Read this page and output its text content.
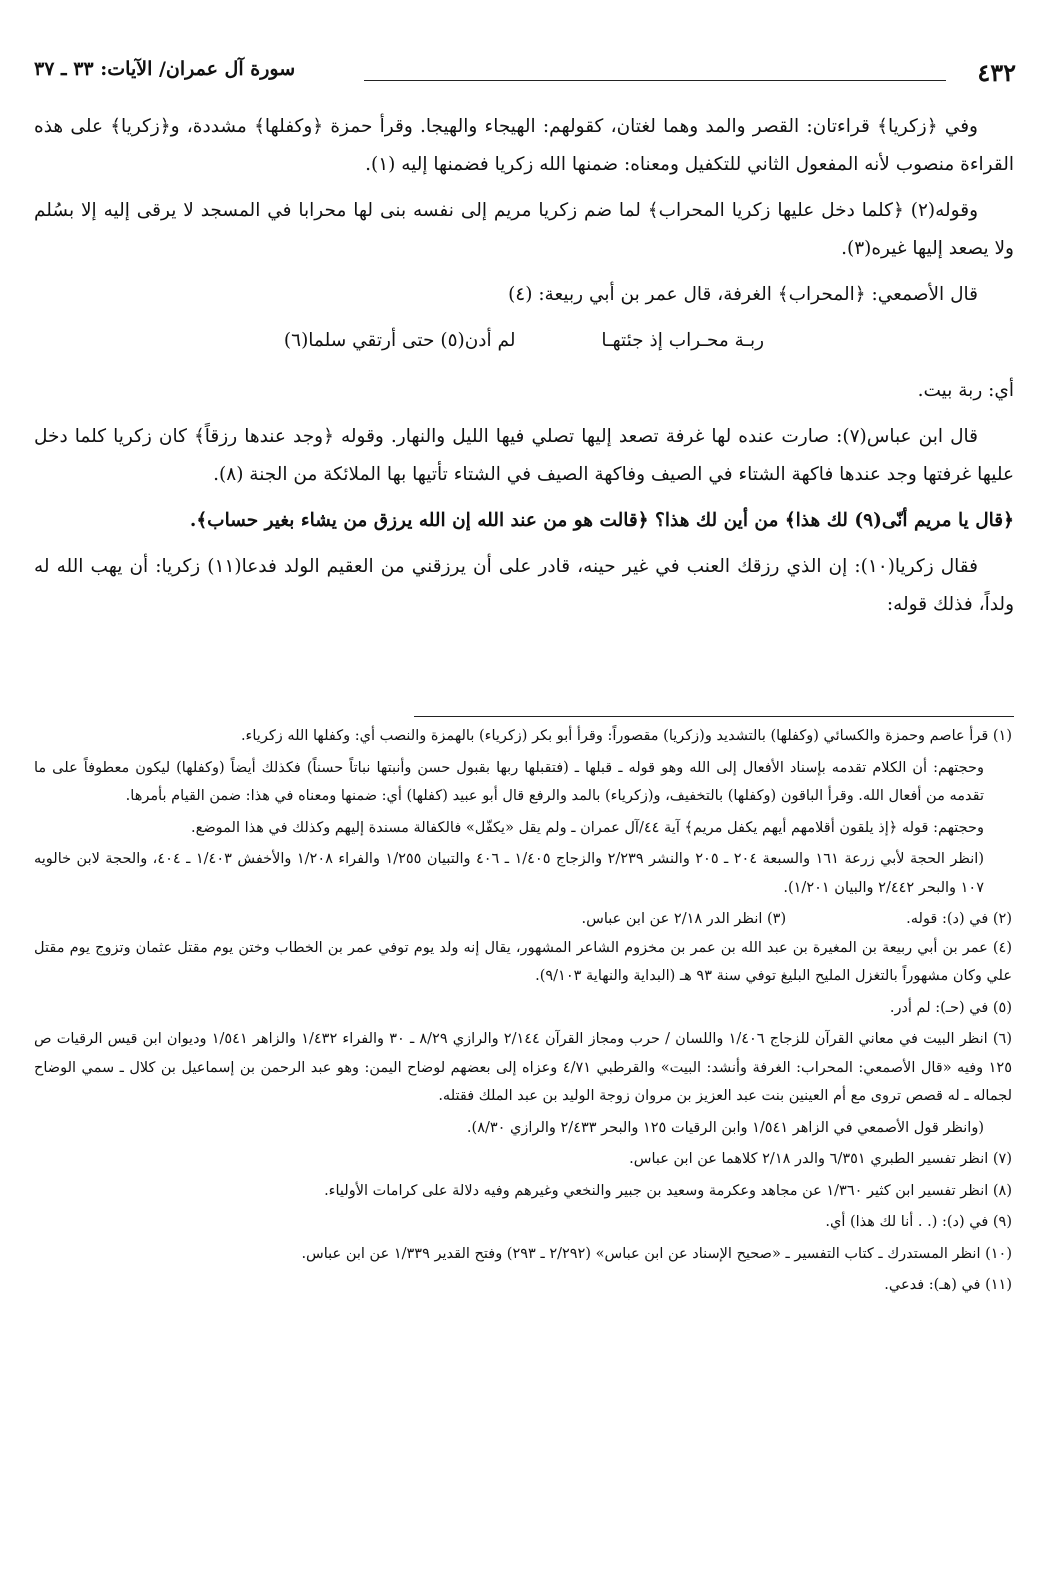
٤٣٢
سورة آل عمران/ الآيات: ٣٣ ـ ٣٧

وفي ﴿زكريا﴾ قراءتان: القصر والمد وهما لغتان، كقولهم: الهيجاء والهيجا. وقرأ حمزة ﴿وكفلها﴾ مشددة، و﴿زكريا﴾ على هذه القراءة منصوب لأنه المفعول الثاني للتكفيل ومعناه: ضمنها الله زكريا فضمنها إليه (١).

وقوله(٢) ﴿كلما دخل عليها زكريا المحراب﴾ لما ضم زكريا مريم إلى نفسه بنى لها محرابا في المسجد لا يرقى إليه إلا بسُلم ولا يصعد إليها غيره(٣).

قال الأصمعي: ﴿المحراب﴾ الغرفة، قال عمر بن أبي ربيعة: (٤)

ربـة محـراب إذ جئتهـا لم أدن(٥) حتى أرتقي سلما(٦)

أي: ربة بيت.

قال ابن عباس(٧): صارت عنده لها غرفة تصعد إليها تصلي فيها الليل والنهار. وقوله ﴿وجد عندها رزقاً﴾ كان زكريا كلما دخل عليها غرفتها وجد عندها فاكهة الشتاء في الصيف وفاكهة الصيف في الشتاء تأتيها بها الملائكة من الجنة (٨).

﴿قال يا مريم أنّى(٩) لك هذا﴾ من أين لك هذا؟ ﴿قالت هو من عند الله إن الله يرزق من يشاء بغير حساب﴾.

فقال زكريا(١٠): إن الذي رزقك العنب في غير حينه، قادر على أن يرزقني من العقيم الولد فدعا(١١) زكريا: أن يهب الله له ولداً، فذلك قوله:

(١) قرأ عاصم وحمزة والكسائي (وكفلها) بالتشديد و(زكريا) مقصوراً: وقرأ أبو بكر (زكرياء) بالهمزة والنصب أي: وكفلها الله زكرياء.

وحجتهم: أن الكلام تقدمه بإسناد الأفعال إلى الله وهو قوله ـ قبلها ـ (فتقبلها ربها بقبول حسن وأنبتها نباتاً حسناً) فكذلك أيضاً (وكفلها) ليكون معطوفاً على ما تقدمه من أفعال الله. وقرأ الباقون (وكفلها) بالتخفيف، و(زكرياء) بالمد والرفع قال أبو عبيد (كفلها) أي: ضمنها ومعناه في هذا: ضمن القيام بأمرها.

وحجتهم: قوله ﴿إذ يلقون أقلامهم أيهم يكفل مريم﴾ آية ٤٤/آل عمران ـ ولم يقل «يكفّل» فالكفالة مسندة إليهم وكذلك في هذا الموضع.

(انظر الحجة لأبي زرعة ١٦١ والسبعة ٢٠٤ ـ ٢٠٥ والنشر ٢/٢٣٩ والزجاج ١/٤٠٥ ـ ٤٠٦ والتبيان ١/٢٥٥ والفراء ١/٢٠٨ والأخفش ١/٤٠٣ ـ ٤٠٤، والحجة لابن خالويه ١٠٧ والبحر ٢/٤٤٢ والبيان ١/٢٠١).

(٢) في (د): قوله.
(٣) انظر الدر ٢/١٨ عن ابن عباس.

(٤) عمر بن أبي ربيعة بن المغيرة بن عبد الله بن عمر بن مخزوم الشاعر المشهور، يقال إنه ولد يوم توفي عمر بن الخطاب وختن يوم مقتل عثمان وتزوج يوم مقتل علي وكان مشهوراً بالتغزل المليح البليغ توفي سنة ٩٣ هـ (البداية والنهاية ٩/١٠٣).

(٥) في (حـ): لم أدر.

(٦) انظر البيت في معاني القرآن للزجاج ١/٤٠٦ واللسان / حرب ومجاز القرآن ٢/١٤٤ والرازي ٨/٢٩ ـ ٣٠ والفراء ١/٤٣٢ والزاهر ١/٥٤١ وديوان ابن قيس الرقيات ص ١٢٥ وفيه «قال الأصمعي: المحراب: الغرفة وأنشد: البيت» والقرطبي ٤/٧١ وعزاه إلى بعضهم لوضاح اليمن: وهو عبد الرحمن بن إسماعيل بن كلال ـ سمي الوضاح لجماله ـ له قصص تروى مع أم العينين بنت عبد العزيز بن مروان زوجة الوليد بن عبد الملك فقتله.

(وانظر قول الأصمعي في الزاهر ١/٥٤١ وابن الرقيات ١٢٥ والبحر ٢/٤٣٣ والرازي ٨/٣٠).

(٧) انظر تفسير الطبري ٦/٣٥١ والدر ٢/١٨ كلاهما عن ابن عباس.

(٨) انظر تفسير ابن كثير ١/٣٦٠ عن مجاهد وعكرمة وسعيد بن جبير والنخعي وغيرهم وفيه دلالة على كرامات الأولياء.

(٩) في (د): (. . أنا لك هذا) أي.

(١٠) انظر المستدرك ـ كتاب التفسير ـ «صحيح الإسناد عن ابن عباس» (٢/٢٩٢ ـ ٢٩٣) وفتح القدير ١/٣٣٩ عن ابن عباس.

(١١) في (هـ): فدعي.
